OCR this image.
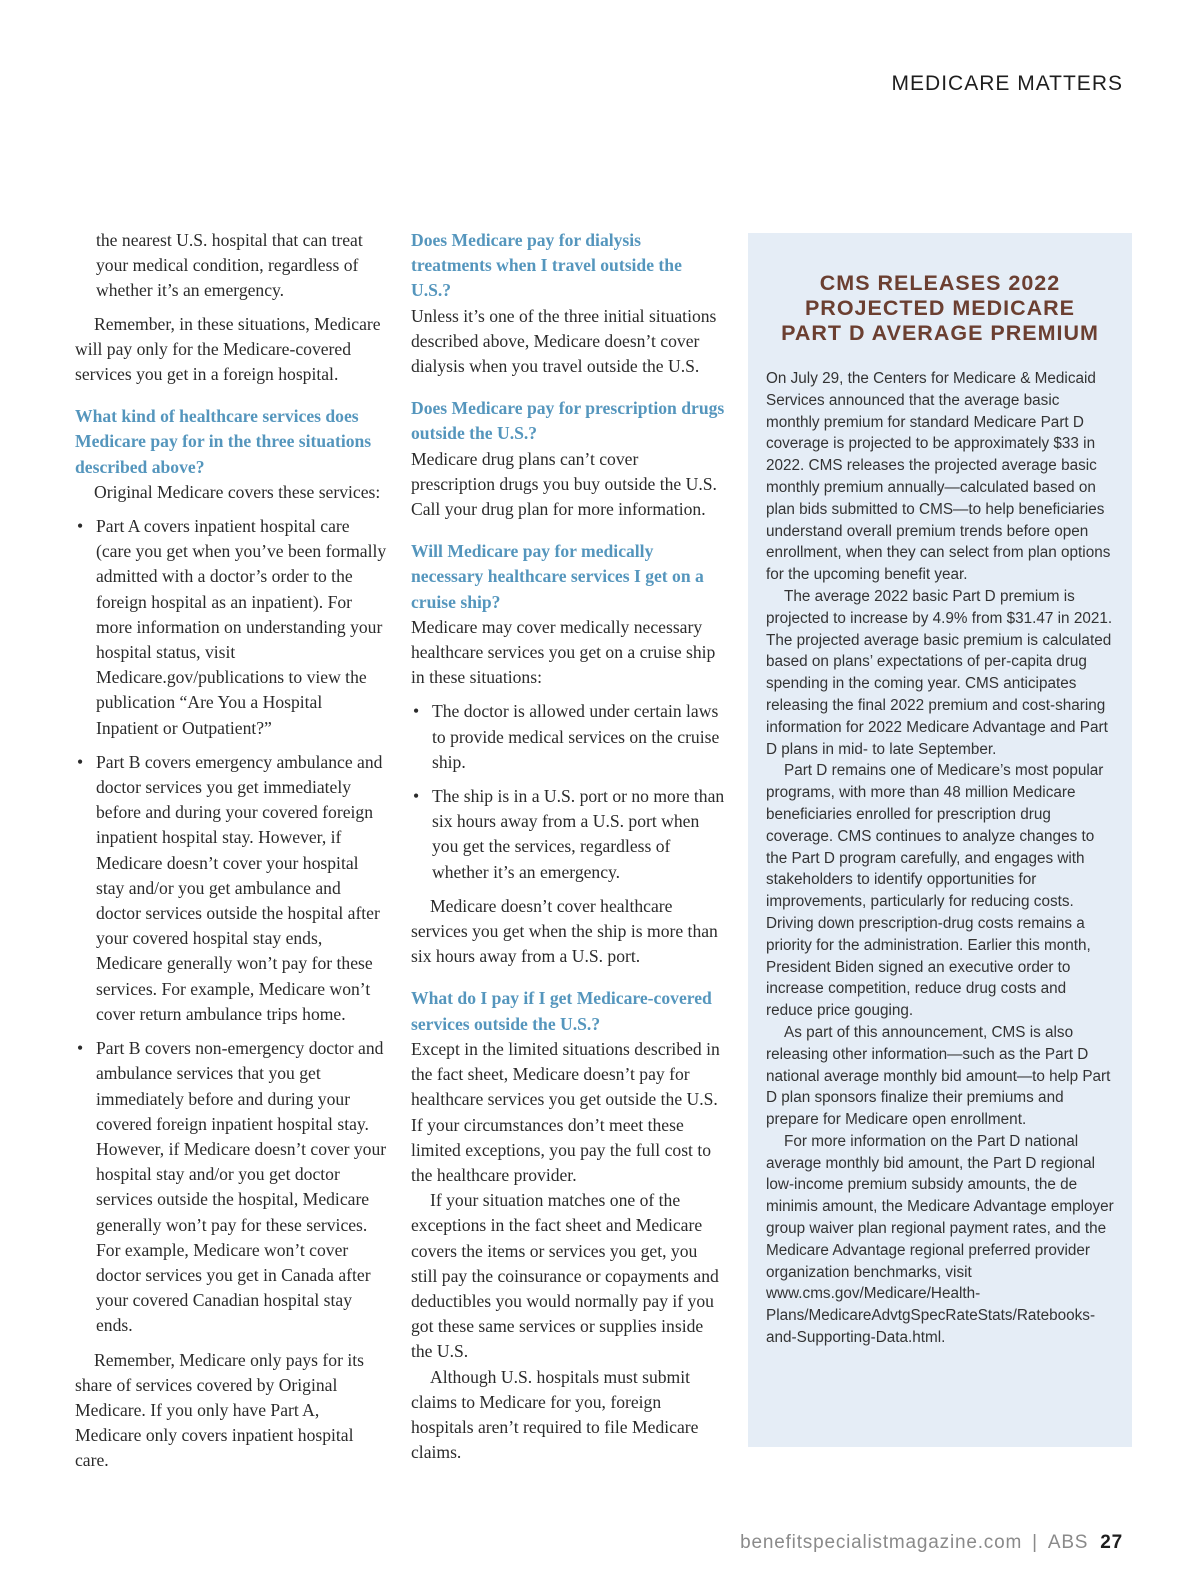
MEDICARE MATTERS

the nearest U.S. hospital that can treat your medical condition, regardless of whether it’s an emergency.

Remember, in these situations, Medicare will pay only for the Medicare-covered services you get in a foreign hospital.

What kind of healthcare services does Medicare pay for in the three situations described above?

Original Medicare covers these services:

• Part A covers inpatient hospital care (care you get when you’ve been formally admitted with a doctor’s order to the foreign hospital as an inpatient). For more information on understanding your hospital status, visit Medicare.gov/publications to view the publication “Are You a Hospital Inpatient or Outpatient?”
• Part B covers emergency ambulance and doctor services you get immediately before and during your covered foreign inpatient hospital stay. However, if Medicare doesn’t cover your hospital stay and/or you get ambulance and doctor services outside the hospital after your covered hospital stay ends, Medicare generally won’t pay for these services. For example, Medicare won’t cover return ambulance trips home.
• Part B covers non-emergency doctor and ambulance services that you get immediately before and during your covered foreign inpatient hospital stay. However, if Medicare doesn’t cover your hospital stay and/or you get doctor services outside the hospital, Medicare generally won’t pay for these services. For example, Medicare won’t cover doctor services you get in Canada after your covered Canadian hospital stay ends.

Remember, Medicare only pays for its share of services covered by Original Medicare. If you only have Part A, Medicare only covers inpatient hospital care.

Does Medicare pay for dialysis treatments when I travel outside the U.S.?

Unless it’s one of the three initial situations described above, Medicare doesn’t cover dialysis when you travel outside the U.S.

Does Medicare pay for prescription drugs outside the U.S.?

Medicare drug plans can’t cover prescription drugs you buy outside the U.S. Call your drug plan for more information.

Will Medicare pay for medically necessary healthcare services I get on a cruise ship?

Medicare may cover medically necessary healthcare services you get on a cruise ship in these situations:

• The doctor is allowed under certain laws to provide medical services on the cruise ship.
• The ship is in a U.S. port or no more than six hours away from a U.S. port when you get the services, regardless of whether it’s an emergency.

Medicare doesn’t cover healthcare services you get when the ship is more than six hours away from a U.S. port.

What do I pay if I get Medicare-covered services outside the U.S.?

Except in the limited situations described in the fact sheet, Medicare doesn’t pay for healthcare services you get outside the U.S. If your circumstances don’t meet these limited exceptions, you pay the full cost to the healthcare provider.

If your situation matches one of the exceptions in the fact sheet and Medicare covers the items or services you get, you still pay the coinsurance or copayments and deductibles you would normally pay if you got these same services or supplies inside the U.S.

Although U.S. hospitals must submit claims to Medicare for you, foreign hospitals aren’t required to file Medicare claims.

CMS RELEASES 2022 PROJECTED MEDICARE PART D AVERAGE PREMIUM

On July 29, the Centers for Medicare & Medicaid Services announced that the average basic monthly premium for standard Medicare Part D coverage is projected to be approximately $33 in 2022. CMS releases the projected average basic monthly premium annually—calculated based on plan bids submitted to CMS—to help beneficiaries understand overall premium trends before open enrollment, when they can select from plan options for the upcoming benefit year.

The average 2022 basic Part D premium is projected to increase by 4.9% from $31.47 in 2021. The projected average basic premium is calculated based on plans’ expectations of per-capita drug spending in the coming year. CMS anticipates releasing the final 2022 premium and cost-sharing information for 2022 Medicare Advantage and Part D plans in mid- to late September.

Part D remains one of Medicare’s most popular programs, with more than 48 million Medicare beneficiaries enrolled for prescription drug coverage. CMS continues to analyze changes to the Part D program carefully, and engages with stakeholders to identify opportunities for improvements, particularly for reducing costs. Driving down prescription-drug costs remains a priority for the administration. Earlier this month, President Biden signed an executive order to increase competition, reduce drug costs and reduce price gouging.

As part of this announcement, CMS is also releasing other information—such as the Part D national average monthly bid amount—to help Part D plan sponsors finalize their premiums and prepare for Medicare open enrollment.

For more information on the Part D national average monthly bid amount, the Part D regional low-income premium subsidy amounts, the de minimis amount, the Medicare Advantage employer group waiver plan regional payment rates, and the Medicare Advantage regional preferred provider organization benchmarks, visit www.cms.gov/Medicare/Health-Plans/MedicareAdvtgSpecRateStats/Ratebooks-and-Supporting-Data.html.

benefitspecialistmagazine.com | ABS 27
